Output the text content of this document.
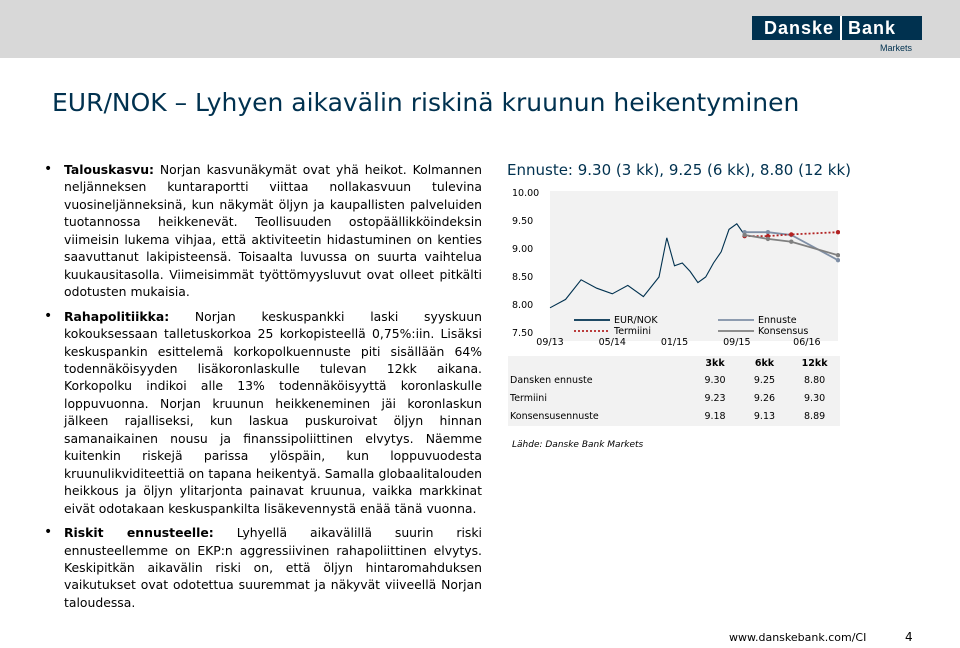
Danske Bank
Markets
EUR/NOK – Lyhyen aikavälin riskinä kruunun heikentyminen
• Talouskasvu: Norjan kasvunäkymät ovat yhä heikot. Kolmannen neljänneksen kuntaraportti viittaa nollakasvuun tulevina vuosineljänneksinä, kun näkymät öljyn ja kaupallisten palveluiden tuotannossa heikkenevät. Teollisuuden ostopäällikköindeksin viimeisin lukema vihjaa, että aktiviteetin hidastuminen on kenties saavuttanut lakipisteensä. Toisaalta luvussa on suurta vaihtelua kuukausitasolla. Viimeisimmät työttömyysluvut ovat olleet pitkälti odotusten mukaisia.
• Rahapolitiikka: Norjan keskuspankki laski syyskuun kokouksessaan talletuskorkoa 25 korkopisteellä 0,75%:iin. Lisäksi keskuspankin esittelemä korkopolkuennuste piti sisällään 64% todennäköisyyden lisäkoronlaskulle tulevan 12kk aikana. Korkopolku indikoi alle 13% todennäköisyyttä koronlaskulle loppuvuonna. Norjan kruunun heikkeneminen jäi koronlaskun jälkeen rajalliseksi, kun laskua puskuroivat öljyn hinnan samanaikainen nousu ja finanssipoliittinen elvytys. Näemme kuitenkin riskejä parissa ylöspäin, kun loppuvuodesta kruunulikviditeettiä on tapana heikentyä. Samalla globaalitalouden heikkous ja öljyn ylitarjonta painavat kruunua, vaikka markkinat eivät odotakaan keskuspankilta lisäkevennystä enää tänä vuonna.
• Riskit ennusteelle: Lyhyellä aikavälillä suurin riski ennusteellemme on EKP:n aggressiivinen rahapoliittinen elvytys. Keskipitkän aikavälin riski on, että öljyn hintaromahduksen vaikutukset ovat odotettua suuremmat ja näkyvät viiveellä Norjan taloudessa.
Ennuste: 9.30 (3 kk), 9.25 (6 kk), 8.80 (12 kk)
10.00
9.50
9.00
8.50
8.00
7.50
09/13	05/14	01/15	09/15	06/16
EUR/NOK	Ennuste
Termiini	Konsensus
	3kk	6kk	12kk
Dansken ennuste	9.30	9.25	8.80
Termiini	9.23	9.26	9.30
Konsensusennuste	9.18	9.13	8.89
Lähde: Danske Bank Markets
www.danskebank.com/CI	4
